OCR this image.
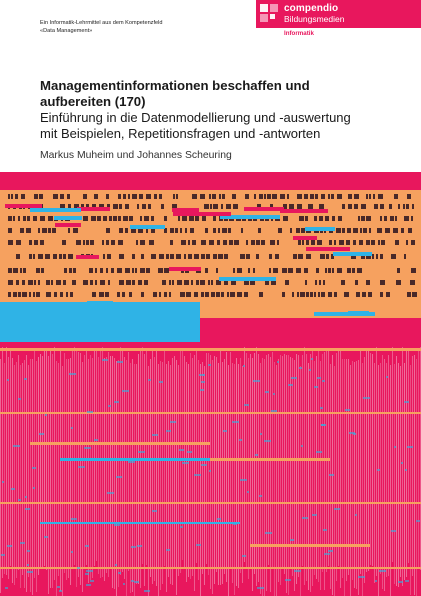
Ein Informatik-Lehrmittel aus dem Kompetenzfeld
«Data Management»
compendio
Bildungsmedien
Informatik

Managementinformationen beschaffen und
aufbereiten (170)

Einführung in die Datenmodellierung und -auswertung
mit Beispielen, Repetitionsfragen und -antworten

Markus Muheim und Johannes Scheuring
